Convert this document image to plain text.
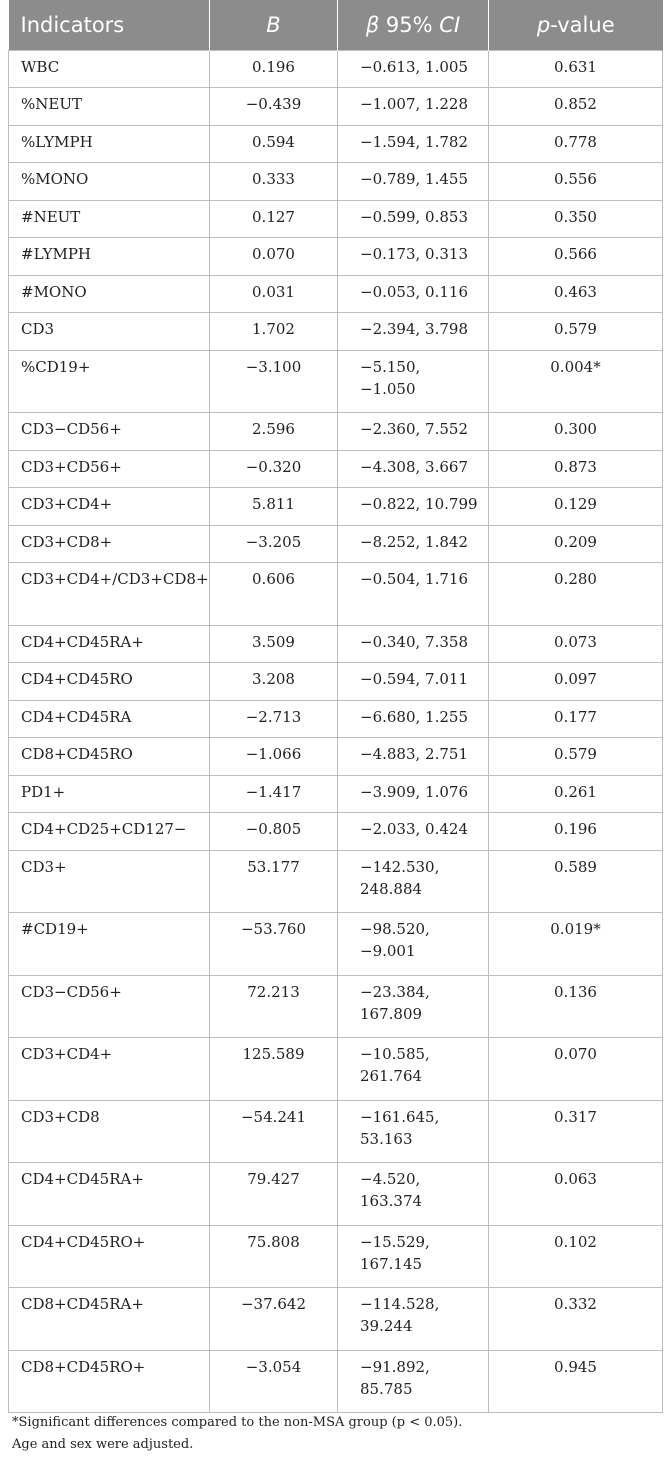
Indicators	B	β 95% CI	p-value
WBC	0.196	−0.613, 1.005	0.631
%NEUT	−0.439	−1.007, 1.228	0.852
%LYMPH	0.594	−1.594, 1.782	0.778
%MONO	0.333	−0.789, 1.455	0.556
#NEUT	0.127	−0.599, 0.853	0.350
#LYMPH	0.070	−0.173, 0.313	0.566
#MONO	0.031	−0.053, 0.116	0.463
CD3	1.702	−2.394, 3.798	0.579
%CD19+	−3.100	−5.150, −1.050	0.004*
CD3−CD56+	2.596	−2.360, 7.552	0.300
CD3+CD56+	−0.320	−4.308, 3.667	0.873
CD3+CD4+	5.811	−0.822, 10.799	0.129
CD3+CD8+	−3.205	−8.252, 1.842	0.209
CD3+CD4+/CD3+CD8+	0.606	−0.504, 1.716	0.280
CD4+CD45RA+	3.509	−0.340, 7.358	0.073
CD4+CD45RO	3.208	−0.594, 7.011	0.097
CD4+CD45RA	−2.713	−6.680, 1.255	0.177
CD8+CD45RO	−1.066	−4.883, 2.751	0.579
PD1+	−1.417	−3.909, 1.076	0.261
CD4+CD25+CD127−	−0.805	−2.033, 0.424	0.196
CD3+	53.177	−142.530, 248.884	0.589
#CD19+	−53.760	−98.520, −9.001	0.019*
CD3−CD56+	72.213	−23.384, 167.809	0.136
CD3+CD4+	125.589	−10.585, 261.764	0.070
CD3+CD8	−54.241	−161.645, 53.163	0.317
CD4+CD45RA+	79.427	−4.520, 163.374	0.063
CD4+CD45RO+	75.808	−15.529, 167.145	0.102
CD8+CD45RA+	−37.642	−114.528, 39.244	0.332
CD8+CD45RO+	−3.054	−91.892, 85.785	0.945

*Significant differences compared to the non-MSA group (p < 0.05).

Age and sex were adjusted.
